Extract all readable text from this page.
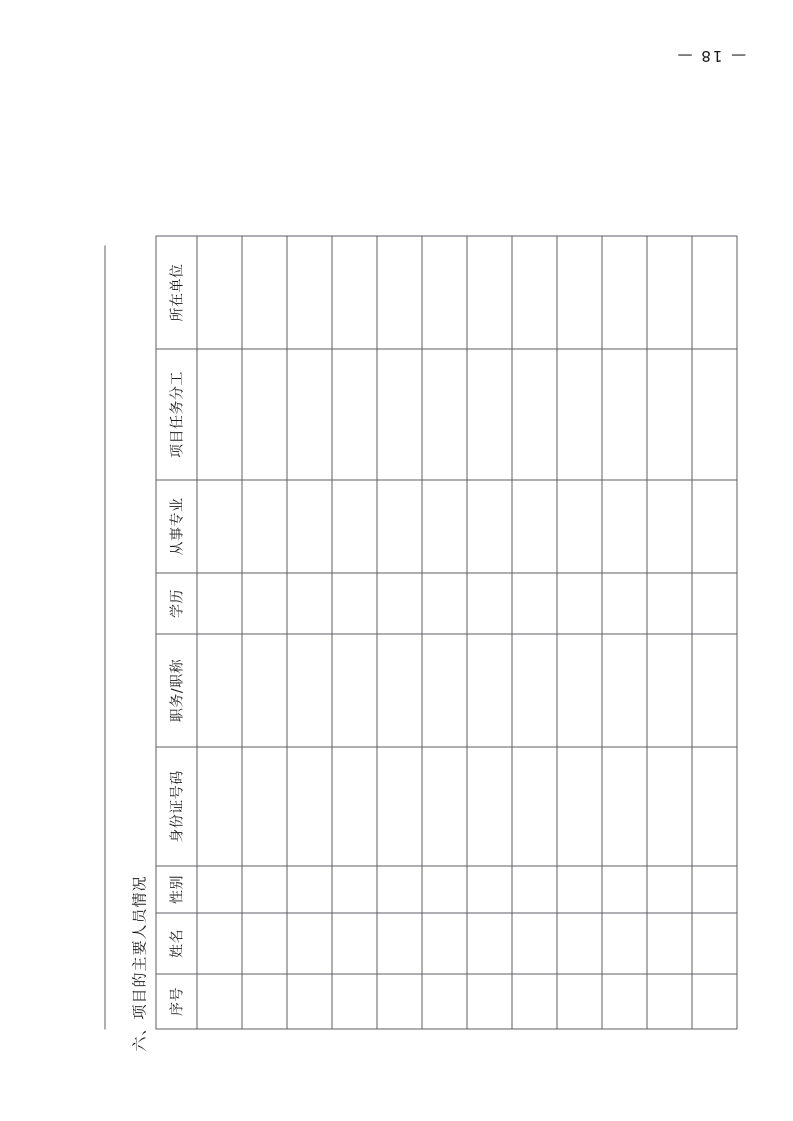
六、项目的主要人员情况 序号	姓名	性别	身份证号码	职务/职称	学历	从事专业	项目任务分工	所在单位

— 18 —
